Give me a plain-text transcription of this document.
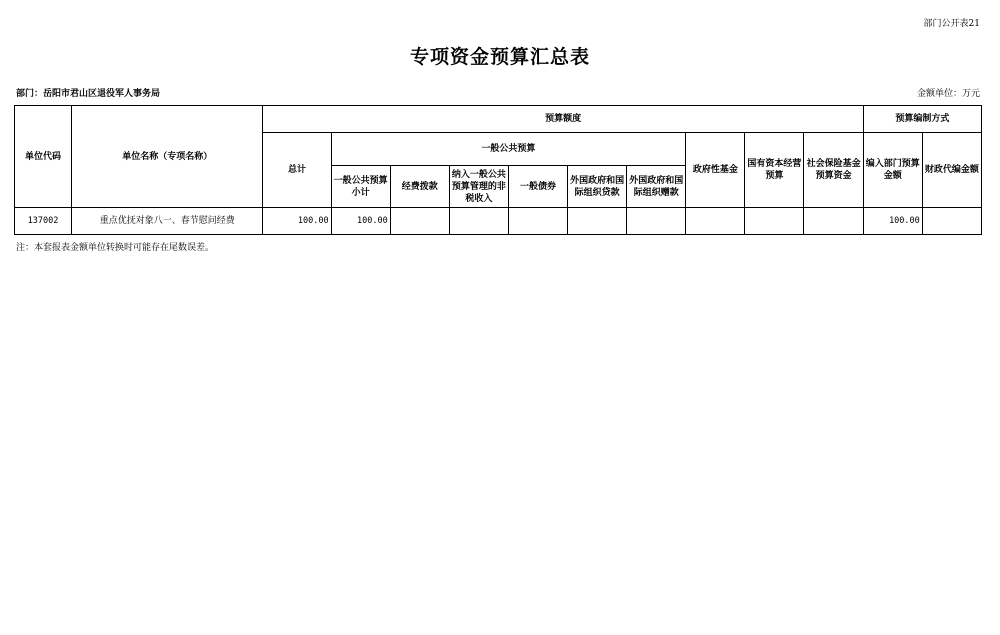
部门公开表21
专项资金预算汇总表
部门：岳阳市君山区退役军人事务局	金额单位：万元
单位代码	单位名称（专项名称）	预算额度										预算编制方式	
		总计	一般公共预算						政府性基金	国有资本经营预算	社会保险基金预算资金	编入部门预算金额	财政代编金额
			一般公共预算小计	经费拨款	纳入一般公共预算管理的非税收入	一般债券	外国政府和国际组织贷款	外国政府和国际组织赠款					
137002	重点优抚对象八一、春节慰问经费	100.00	100.00									100.00	
注：本套报表金额单位转换时可能存在尾数误差。
